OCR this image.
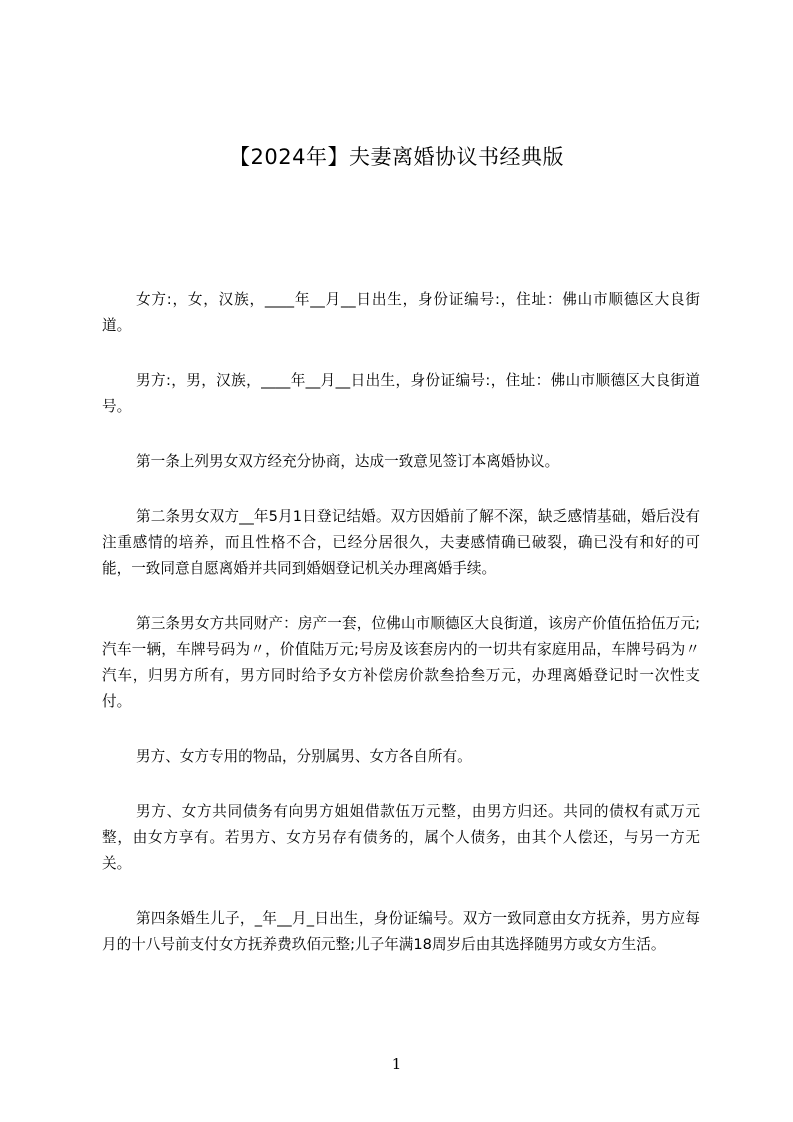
【2024年】夫妻离婚协议书经典版

女方:，女，汉族，____年__月__日出生，身份证编号:，住址：佛山市顺德区大良街道。

男方:，男，汉族，____年__月__日出生，身份证编号:，住址：佛山市顺德区大良街道号。

第一条上列男女双方经充分协商，达成一致意见签订本离婚协议。

第二条男女双方__年5月1日登记结婚。双方因婚前了解不深，缺乏感情基础，婚后没有注重感情的培养，而且性格不合，已经分居很久，夫妻感情确已破裂，确已没有和好的可能，一致同意自愿离婚并共同到婚姻登记机关办理离婚手续。

第三条男女方共同财产：房产一套，位佛山市顺德区大良街道，该房产价值伍拾伍万元;汽车一辆，车牌号码为〃，价值陆万元;号房及该套房内的一切共有家庭用品，车牌号码为〃汽车，归男方所有，男方同时给予女方补偿房价款叁拾叁万元，办理离婚登记时一次性支付。

男方、女方专用的物品，分别属男、女方各自所有。

男方、女方共同债务有向男方姐姐借款伍万元整，由男方归还。共同的债权有贰万元整，由女方享有。若男方、女方另存有债务的，属个人债务，由其个人偿还，与另一方无关。

第四条婚生儿子，_年__月_日出生，身份证编号。双方一致同意由女方抚养，男方应每月的十八号前支付女方抚养费玖佰元整;儿子年满18周岁后由其选择随男方或女方生活。

1
